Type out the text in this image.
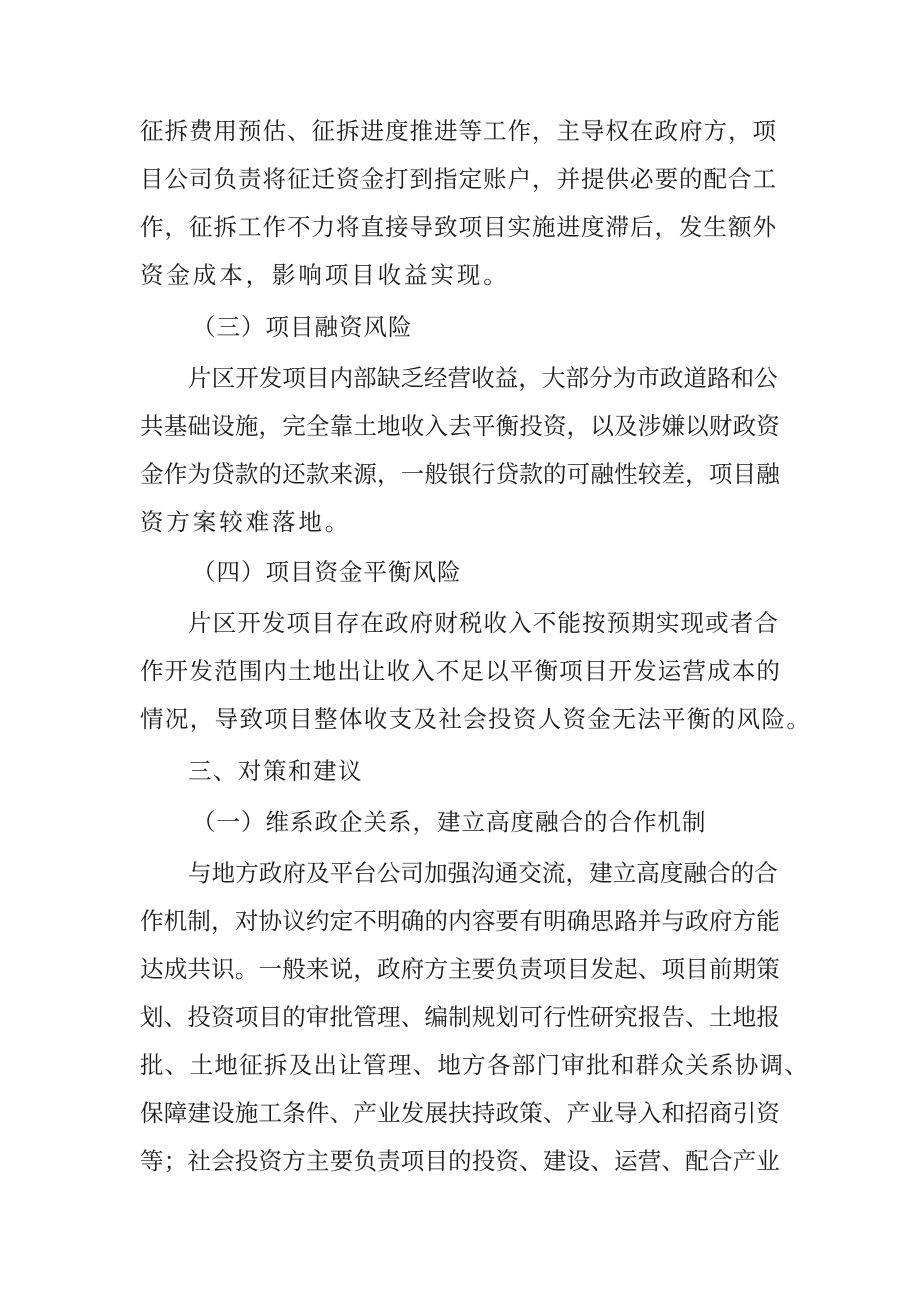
征 拆 费 用 预 估 、 征 拆 进 度 推 进 等 工 作 ， 主 导 权 在 政 府 方 ， 项

目 公 司 负 责 将 征 迁 资 金 打 到 指 定 账 户 ， 并 提 供 必 要 的 配 合 工

作 ， 征 拆 工 作 不 力 将 直 接 导 致 项 目 实 施 进 度 滞 后 ， 发 生 额 外

资金成本，影响项目收益实现。

（三）项目融资风险

片 区 开 发 项 目 内 部 缺 乏 经 营 收 益 ， 大 部 分 为 市 政 道 路 和 公

共 基 础 设 施 ， 完 全 靠 土 地 收 入 去 平 衡 投 资 ， 以 及 涉 嫌 以 财 政 资

金 作 为 贷 款 的 还 款 来 源 ， 一 般 银 行 贷 款 的 可 融 性 较 差 ， 项 目 融

资方案较难落地。

（四）项目资金平衡风险

片 区 开 发 项 目 存 在 政 府 财 税 收 入 不 能 按 预 期 实 现 或 者 合

作 开 发 范 围 内 土 地 出 让 收 入 不 足 以 平 衡 项 目 开 发 运 营 成 本 的

情 况 ， 导 致 项 目 整 体 收 支 及 社 会 投 资 人 资 金 无 法 平 衡 的 风 险 。

三、对策和建议

（一）维系政企关系，建立高度融合的合作机制

与 地 方 政 府 及 平 台 公 司 加 强 沟 通 交 流 ， 建 立 高 度 融 合 的 合

作 机 制 ， 对 协 议 约 定 不 明 确 的 内 容 要 有 明 确 思 路 并 与 政 府 方 能

达 成 共 识 。 一 般 来 说 ， 政 府 方 主 要 负 责 项 目 发 起 、 项 目 前 期 策

划 、 投 资 项 目 的 审 批 管 理 、 编 制 规 划 可 行 性 研 究 报 告 、 土 地 报

批 、 土 地 征 拆 及 出 让 管 理 、 地 方 各 部 门 审 批 和 群 众 关 系 协 调 、

保 障 建 设 施 工 条 件 、 产 业 发 展 扶 持 政 策 、 产 业 导 入 和 招 商 引 资

等 ； 社 会 投 资 方 主 要 负 责 项 目 的 投 资 、 建 设 、 运 营 、 配 合 产 业
